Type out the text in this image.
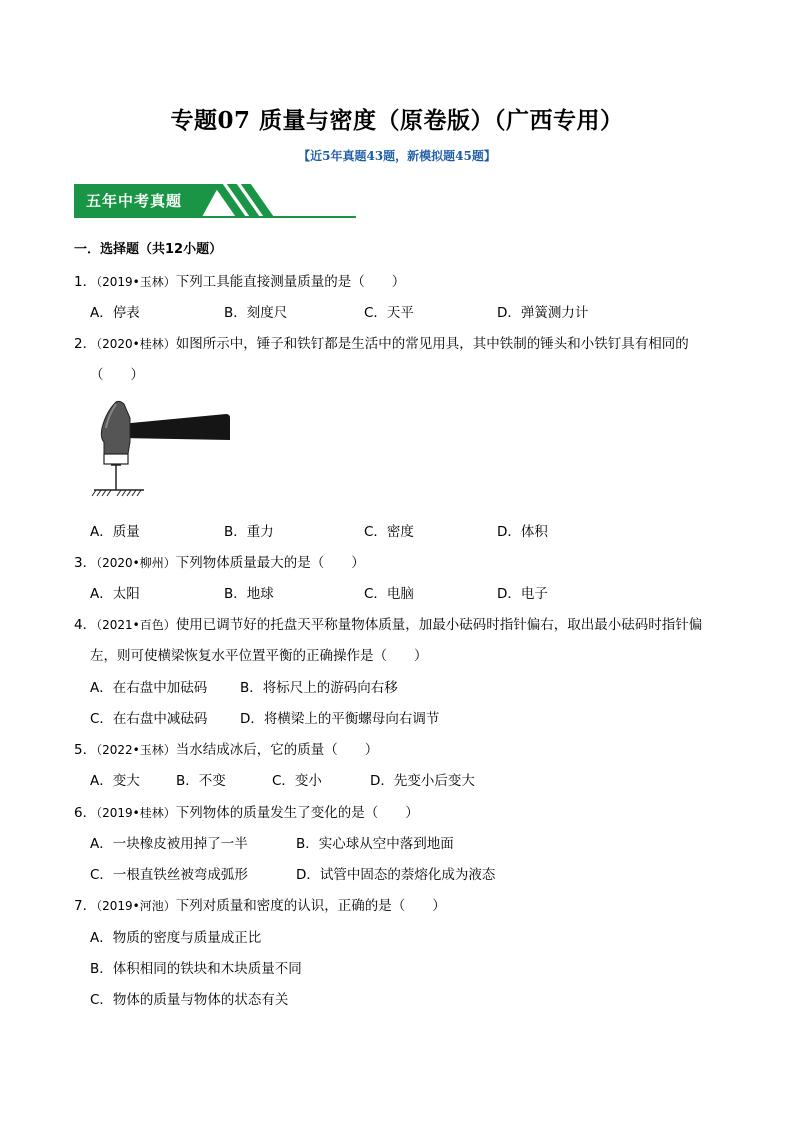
专题07 质量与密度（原卷版）（广西专用）
【近5年真题43题，新模拟题45题】
五年中考真题
一．选择题（共12小题）
1．（2019•玉林）下列工具能直接测量质量的是（　　）
A．停表	B．刻度尺	C．天平	D．弹簧测力计
2．（2020•桂林）如图所示中，锤子和铁钉都是生活中的常见用具，其中铁制的锤头和小铁钉具有相同的
（　　）
A．质量	B．重力	C．密度	D．体积
3．（2020•柳州）下列物体质量最大的是（　　）
A．太阳	B．地球	C．电脑	D．电子
4．（2021•百色）使用已调节好的托盘天平称量物体质量，加最小砝码时指针偏右，取出最小砝码时指针偏
左，则可使横梁恢复水平位置平衡的正确操作是（　　）
A．在右盘中加砝码 B．将标尺上的游码向右移
C．在右盘中减砝码 D．将横梁上的平衡螺母向右调节
5．（2022•玉林）当水结成冰后，它的质量（　　）
A．变大	B．不变	C．变小	D．先变小后变大
6．（2019•桂林）下列物体的质量发生了变化的是（　　）
A．一块橡皮被用掉了一半	B．实心球从空中落到地面
C．一根直铁丝被弯成弧形	D．试管中固态的萘熔化成为液态
7．（2019•河池）下列对质量和密度的认识，正确的是（　　）
A．物质的密度与质量成正比
B．体积相同的铁块和木块质量不同
C．物体的质量与物体的状态有关
